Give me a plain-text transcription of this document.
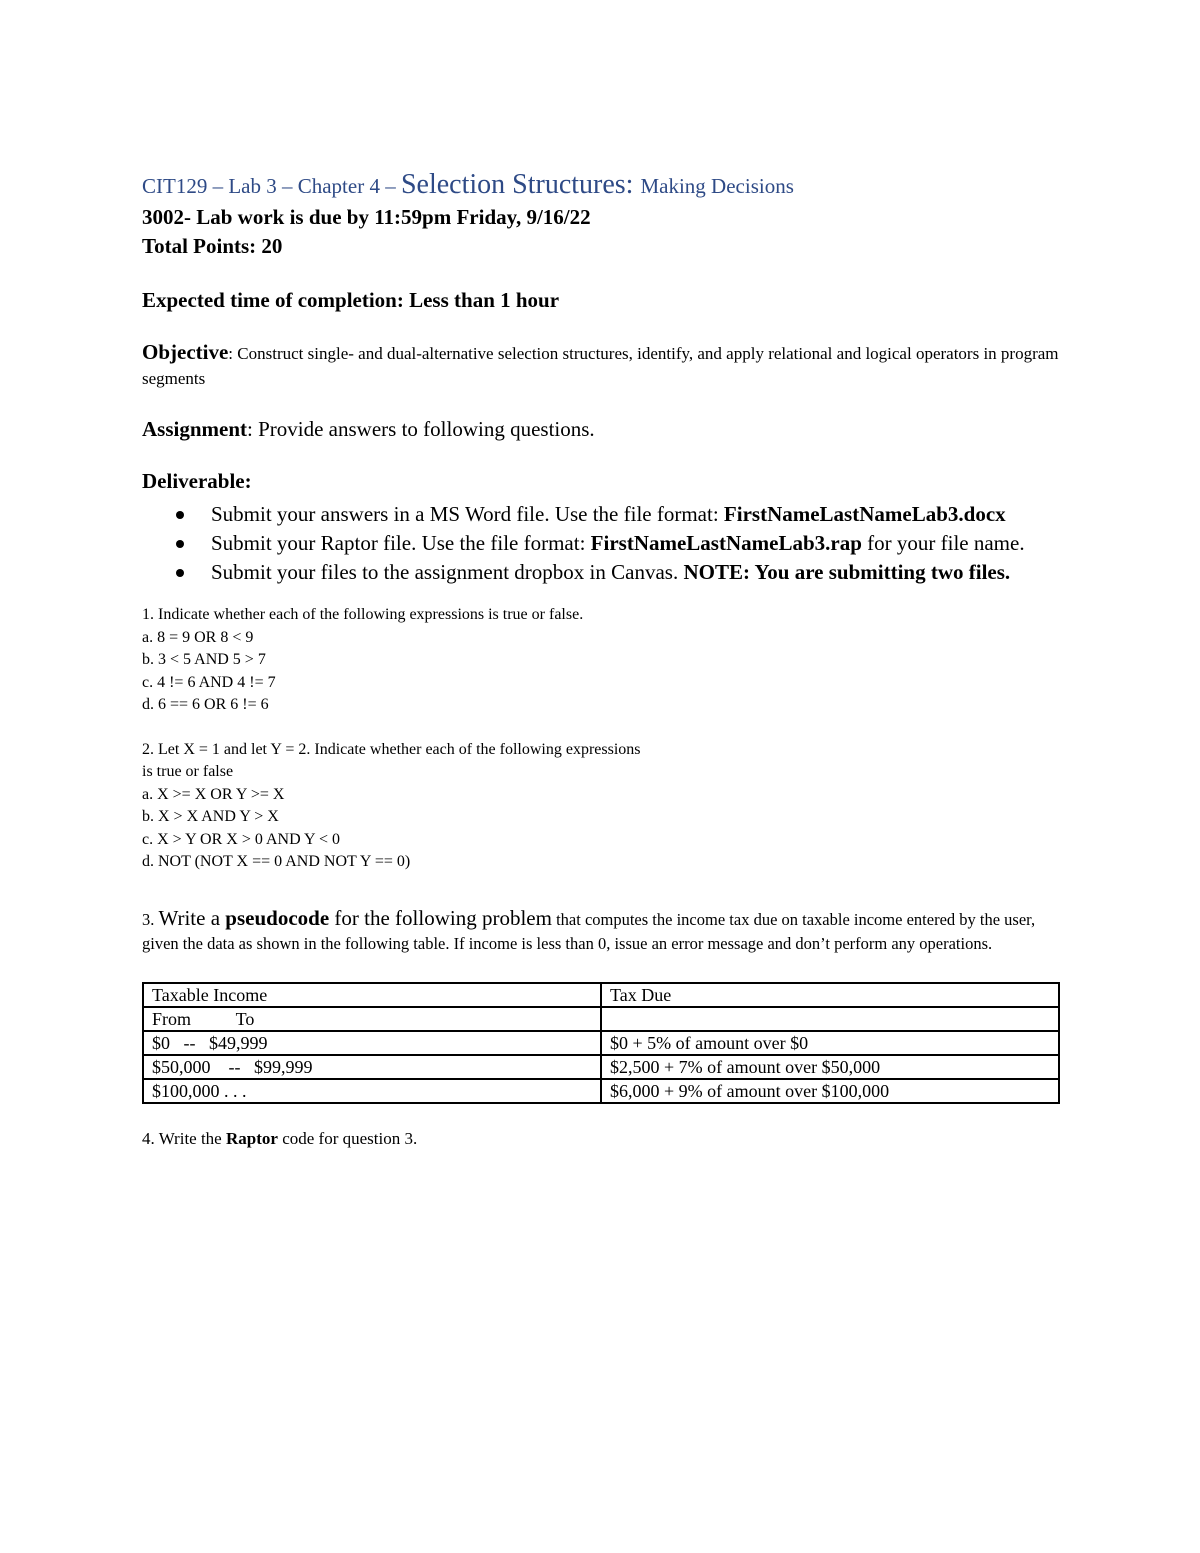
CIT129 – Lab 3 – Chapter 4 – Selection Structures: Making Decisions

3002- Lab work is due by 11:59pm Friday, 9/16/22

Total Points: 20

Expected time of completion: Less than 1 hour

Objective: Construct single- and dual-alternative selection structures, identify, and apply relational and logical operators in program segments

Assignment: Provide answers to following questions.

Deliverable:

Submit your answers in a MS Word file. Use the file format: FirstNameLastNameLab3.docx
Submit your Raptor file. Use the file format: FirstNameLastNameLab3.rap for your file name.
Submit your files to the assignment dropbox in Canvas. NOTE: You are submitting two files.

1. Indicate whether each of the following expressions is true or false.

a. 8 = 9 OR 8 < 9

b. 3 < 5 AND 5 > 7

c. 4 != 6 AND 4 != 7

d. 6 == 6 OR 6 != 6

2. Let X = 1 and let Y = 2. Indicate whether each of the following expressions

is true or false

a. X >= X OR Y >= X

b. X > X AND Y > X

c. X > Y OR X > 0 AND Y < 0

d. NOT (NOT X == 0 AND NOT Y == 0)

3. Write a pseudocode for the following problem that computes the income tax due on taxable income entered by the user, given the data as shown in the following table. If income is less than 0, issue an error message and don’t perform any operations.

Taxable Income	Tax Due
From          To	
$0   --   $49,999	$0 + 5% of amount over $0
$50,000    --   $99,999	$2,500 + 7% of amount over $50,000
$100,000 . . .	$6,000 + 9% of amount over $100,000

4. Write the Raptor code for question 3.
